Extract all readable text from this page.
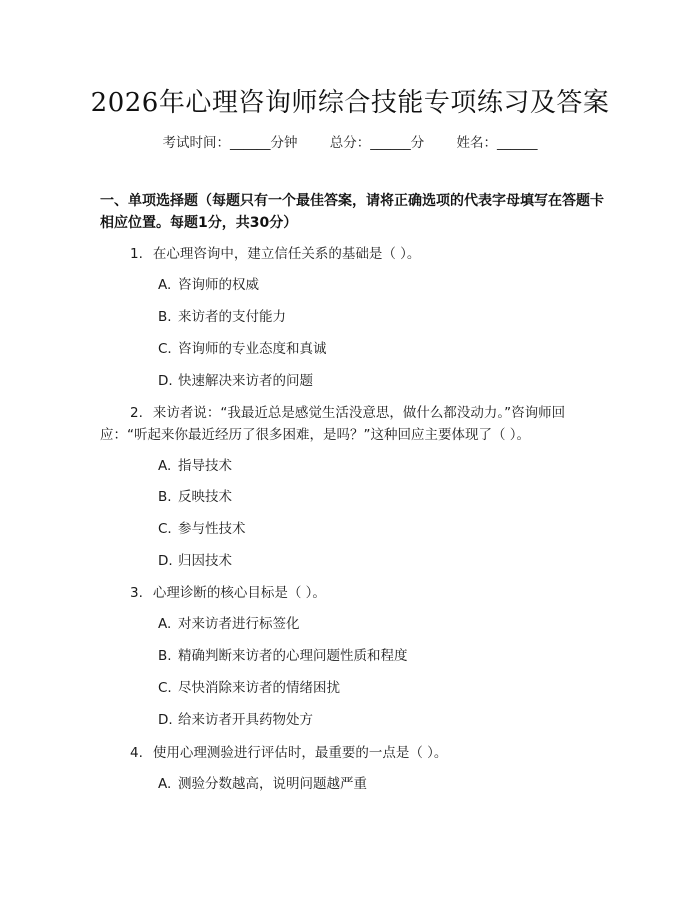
2026年心理咨询师综合技能专项练习及答案
考试时间：______分钟 总分：______分 姓名：______
一、单项选择题（每题只有一个最佳答案，请将正确选项的代表字母填写在答题卡相应位置。每题1分，共30分）
1. 在心理咨询中，建立信任关系的基础是（ ）。
A. 咨询师的权威
B. 来访者的支付能力
C. 咨询师的专业态度和真诚
D. 快速解决来访者的问题
2. 来访者说：“我最近总是感觉生活没意思，做什么都没动力。”咨询师回应：“听起来你最近经历了很多困难，是吗？”这种回应主要体现了（ ）。
A. 指导技术
B. 反映技术
C. 参与性技术
D. 归因技术
3. 心理诊断的核心目标是（ ）。
A. 对来访者进行标签化
B. 精确判断来访者的心理问题性质和程度
C. 尽快消除来访者的情绪困扰
D. 给来访者开具药物处方
4. 使用心理测验进行评估时，最重要的一点是（ ）。
A. 测验分数越高，说明问题越严重
